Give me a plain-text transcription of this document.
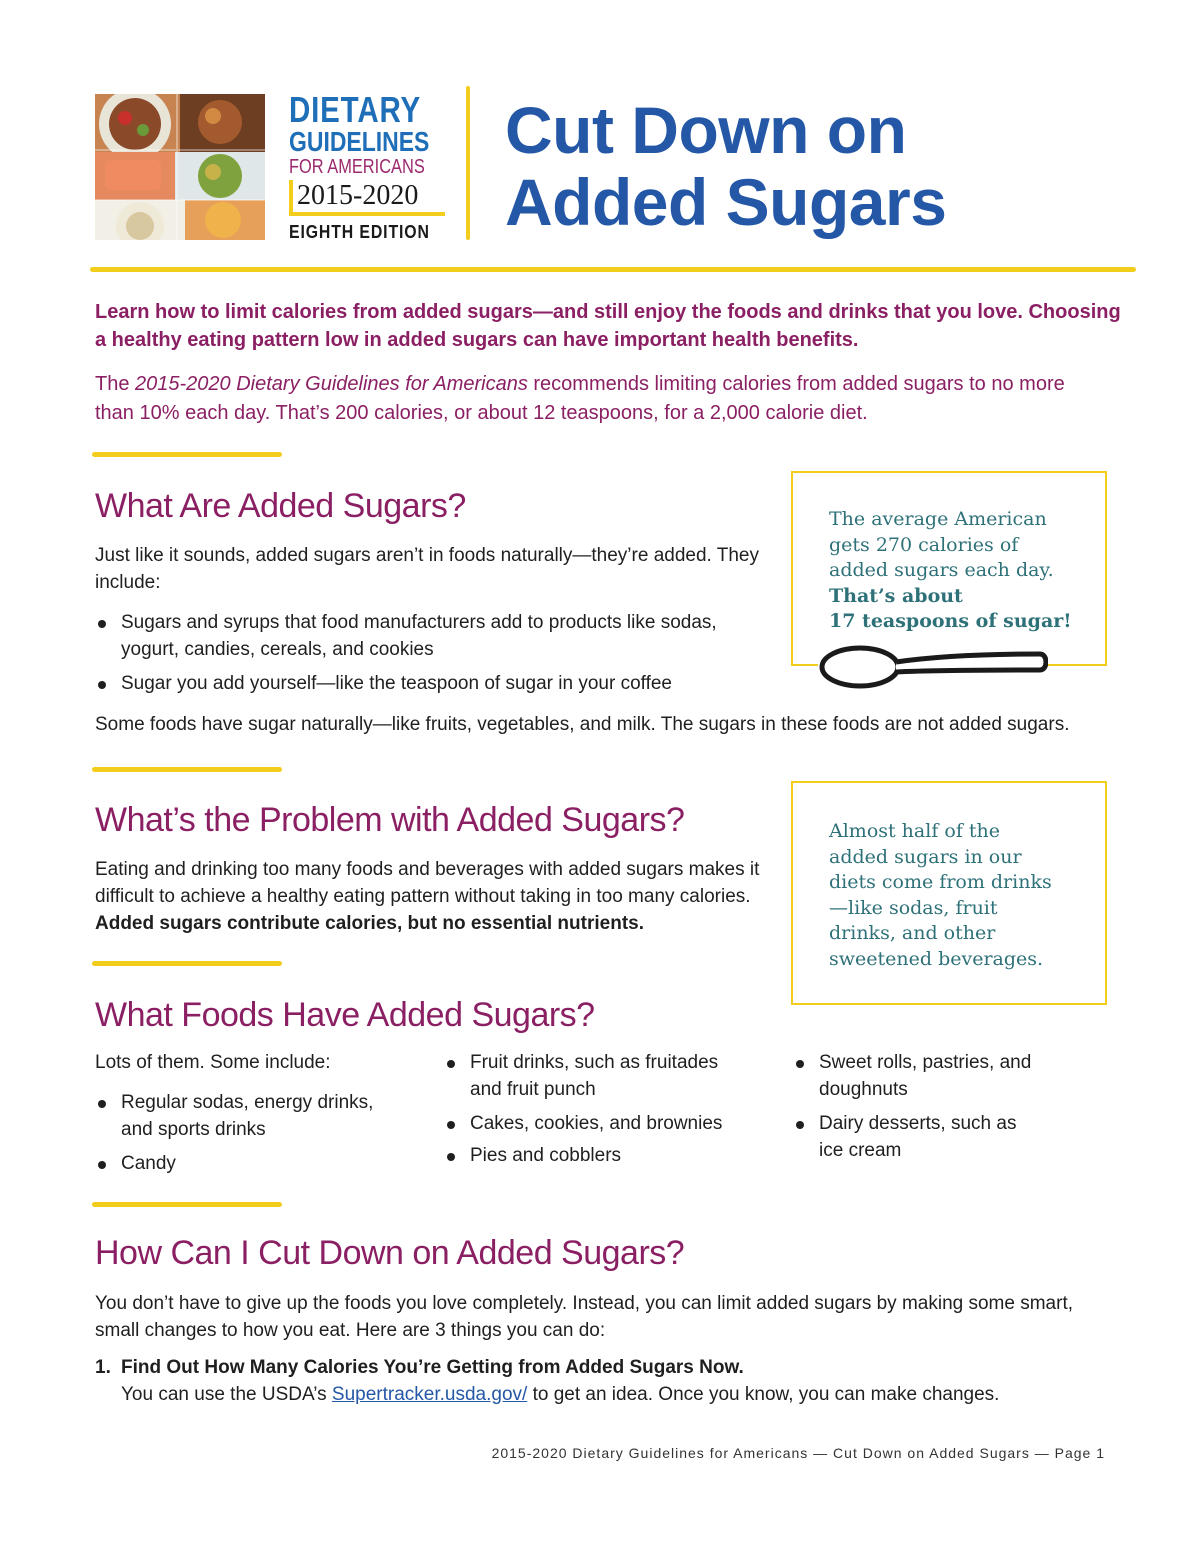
DIETARY
GUIDELINES
FOR AMERICANS
2015-2020
EIGHTH EDITION
Cut Down on
Added Sugars
Learn how to limit calories from added sugars—and still enjoy the foods and drinks that you love. Choosing a healthy eating pattern low in added sugars can have important health benefits.
The 2015-2020 Dietary Guidelines for Americans recommends limiting calories from added sugars to no more than 10% each day. That’s 200 calories, or about 12 teaspoons, for a 2,000 calorie diet.
What Are Added Sugars?
Just like it sounds, added sugars aren’t in foods naturally—they’re added. They include:
Sugars and syrups that food manufacturers add to products like sodas, yogurt, candies, cereals, and cookies
Sugar you add yourself—like the teaspoon of sugar in your coffee
Some foods have sugar naturally—like fruits, vegetables, and milk. The sugars in these foods are not added sugars.
The average American gets 270 calories of added sugars each day.
That’s about
17 teaspoons of sugar!
What’s the Problem with Added Sugars?
Eating and drinking too many foods and beverages with added sugars makes it difficult to achieve a healthy eating pattern without taking in too many calories. Added sugars contribute calories, but no essential nutrients.
Almost half of the added sugars in our diets come from drinks—like sodas, fruit drinks, and other sweetened beverages.
What Foods Have Added Sugars?
Lots of them. Some include:
Regular sodas, energy drinks, and sports drinks
Candy
Fruit drinks, such as fruitades and fruit punch
Cakes, cookies, and brownies
Pies and cobblers
Sweet rolls, pastries, and doughnuts
Dairy desserts, such as ice cream
How Can I Cut Down on Added Sugars?
You don’t have to give up the foods you love completely. Instead, you can limit added sugars by making some smart, small changes to how you eat. Here are 3 things you can do:
1. Find Out How Many Calories You’re Getting from Added Sugars Now.
You can use the USDA’s Supertracker.usda.gov/ to get an idea. Once you know, you can make changes.
2015-2020 Dietary Guidelines for Americans — Cut Down on Added Sugars — Page 1
